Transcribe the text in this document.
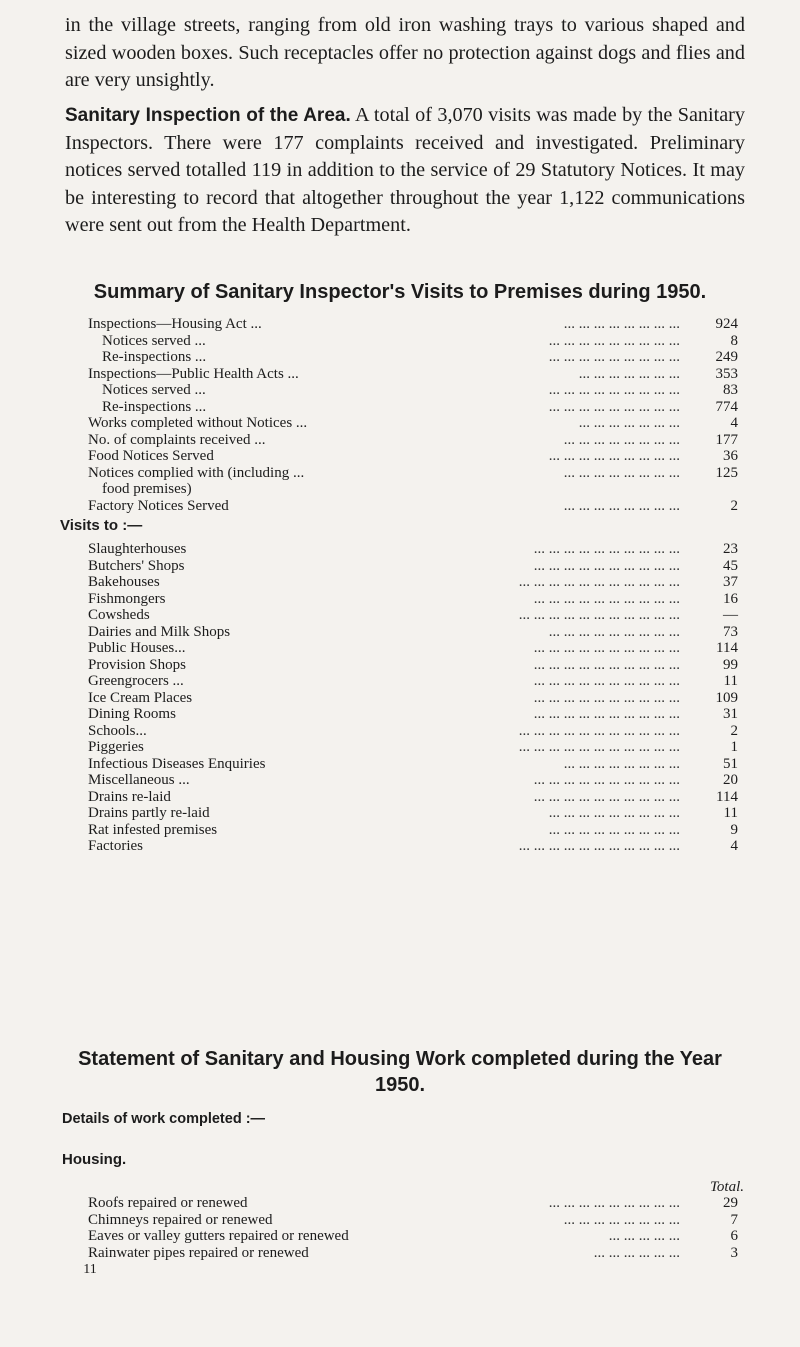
in the village streets, ranging from old iron washing trays to various shaped and sized wooden boxes. Such receptacles offer no protection against dogs and flies and are very unsightly.

Sanitary Inspection of the Area. A total of 3,070 visits was made by the Sanitary Inspectors. There were 177 complaints received and investigated. Preliminary notices served totalled 119 in addition to the service of 29 Statutory Notices. It may be interesting to record that altogether throughout the year 1,122 communications were sent out from the Health Department.

Summary of Sanitary Inspector's Visits to Premises during 1950.
Inspections—Housing Act ...	... ... ... ... ... ... ... ...	924
Notices served ...	... ... ... ... ... ... ... ... ...	8
Re-inspections ...	... ... ... ... ... ... ... ... ...	249
Inspections—Public Health Acts ...	... ... ... ... ... ... ...	353
Notices served ...	... ... ... ... ... ... ... ... ...	83
Re-inspections ...	... ... ... ... ... ... ... ... ...	774
Works completed without Notices ...	... ... ... ... ... ... ...	4
No. of complaints received ...	... ... ... ... ... ... ... ...	177
Food Notices Served	... ... ... ... ... ... ... ... ...	36
Notices complied with (including ...
food premises)
... ... ... ... ... ... ... ...	125
Factory Notices Served	... ... ... ... ... ... ... ...	2
Visits to :—
Slaughterhouses	... ... ... ... ... ... ... ... ... ...	23
Butchers' Shops	... ... ... ... ... ... ... ... ... ...	45
Bakehouses	... ... ... ... ... ... ... ... ... ... ...	37
Fishmongers	... ... ... ... ... ... ... ... ... ...	16
Cowsheds	... ... ... ... ... ... ... ... ... ... ...	—
Dairies and Milk Shops	... ... ... ... ... ... ... ... ...	73
Public Houses...	... ... ... ... ... ... ... ... ... ...	114
Provision Shops	... ... ... ... ... ... ... ... ... ...	99
Greengrocers ...	... ... ... ... ... ... ... ... ... ...	11
Ice Cream Places	... ... ... ... ... ... ... ... ... ...	109
Dining Rooms	... ... ... ... ... ... ... ... ... ...	31
Schools...	... ... ... ... ... ... ... ... ... ... ...	2
Piggeries	... ... ... ... ... ... ... ... ... ... ...	1
Infectious Diseases Enquiries	... ... ... ... ... ... ... ...	51
Miscellaneous ...	... ... ... ... ... ... ... ... ... ...	20
Drains re-laid	... ... ... ... ... ... ... ... ... ...	114
Drains partly re-laid	... ... ... ... ... ... ... ... ...	11
Rat infested premises	... ... ... ... ... ... ... ... ...	9
Factories	... ... ... ... ... ... ... ... ... ... ...	4
Statement of Sanitary and Housing Work completed during the Year
1950.
Details of work completed :—
Housing.
Total.
Roofs repaired or renewed	... ... ... ... ... ... ... ... ...	29
Chimneys repaired or renewed	... ... ... ... ... ... ... ...	7
Eaves or valley gutters repaired or renewed	... ... ... ... ...	6
Rainwater pipes repaired or renewed	... ... ... ... ... ...	3
11
